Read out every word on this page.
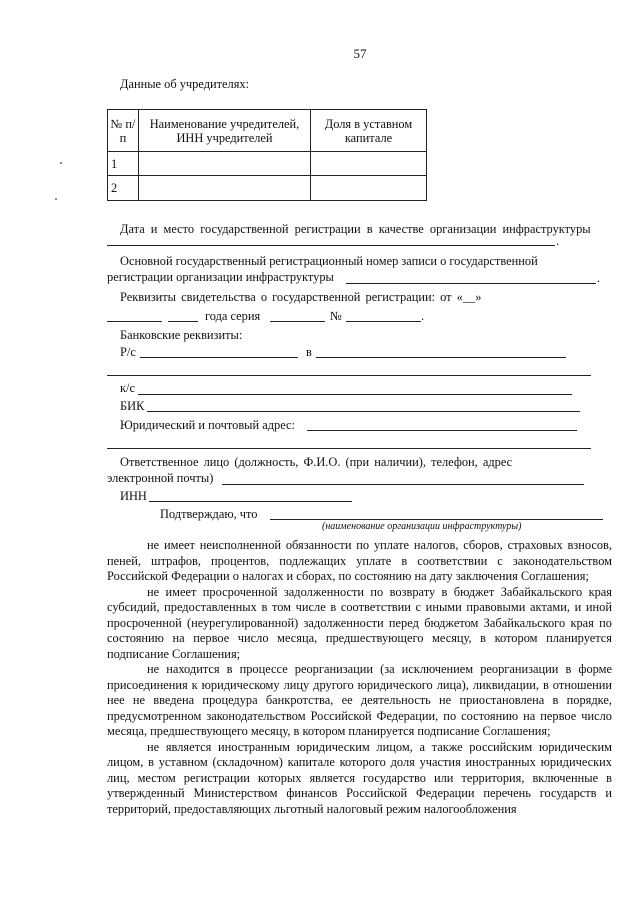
57
Данные об учредителях:
№ п/п	Наименование учредителей, ИНН учредителей	Доля в уставном капитале
1		
2		
Дата и место государственной регистрации в качестве организации инфраструктуры
.
Основной государственный регистрационный номер записи о государственной
регистрации организации инфраструктуры	.
Реквизиты свидетельства о государственной регистрации: от «__»
года серия	№	.
Банковские реквизиты:
Р/с	в
к/с
БИК
Юридический и почтовый адрес:
Ответственное лицо (должность, Ф.И.О. (при наличии), телефон, адрес
электронной почты)
ИНН
Подтверждаю, что
(наименование организации инфраструктуры)

не имеет неисполненной обязанности по уплате налогов, сборов, страховых взносов, пеней, штрафов, процентов, подлежащих уплате в соответствии с законодательством Российской Федерации о налогах и сборах, по состоянию на дату заключения Соглашения;

не имеет просроченной задолженности по возврату в бюджет Забайкальского края субсидий, предоставленных в том числе в соответствии с иными правовыми актами, и иной просроченной (неурегулированной) задолженности перед бюджетом Забайкальского края по состоянию на первое число месяца, предшествующего месяцу, в котором планируется подписание Соглашения;

не находится в процессе реорганизации (за исключением реорганизации в форме присоединения к юридическому лицу другого юридического лица), ликвидации, в отношении нее не введена процедура банкротства, ее деятельность не приостановлена в порядке, предусмотренном законодательством Российской Федерации, по состоянию на первое число месяца, предшествующего месяцу, в котором планируется подписание Соглашения;

не является иностранным юридическим лицом, а также российским юридическим лицом, в уставном (складочном) капитале которого доля участия иностранных юридических лиц, местом регистрации которых является государство или территория, включенные в утвержденный Министерством финансов Российской Федерации перечень государств и территорий, предоставляющих льготный налоговый режим налогообложения
